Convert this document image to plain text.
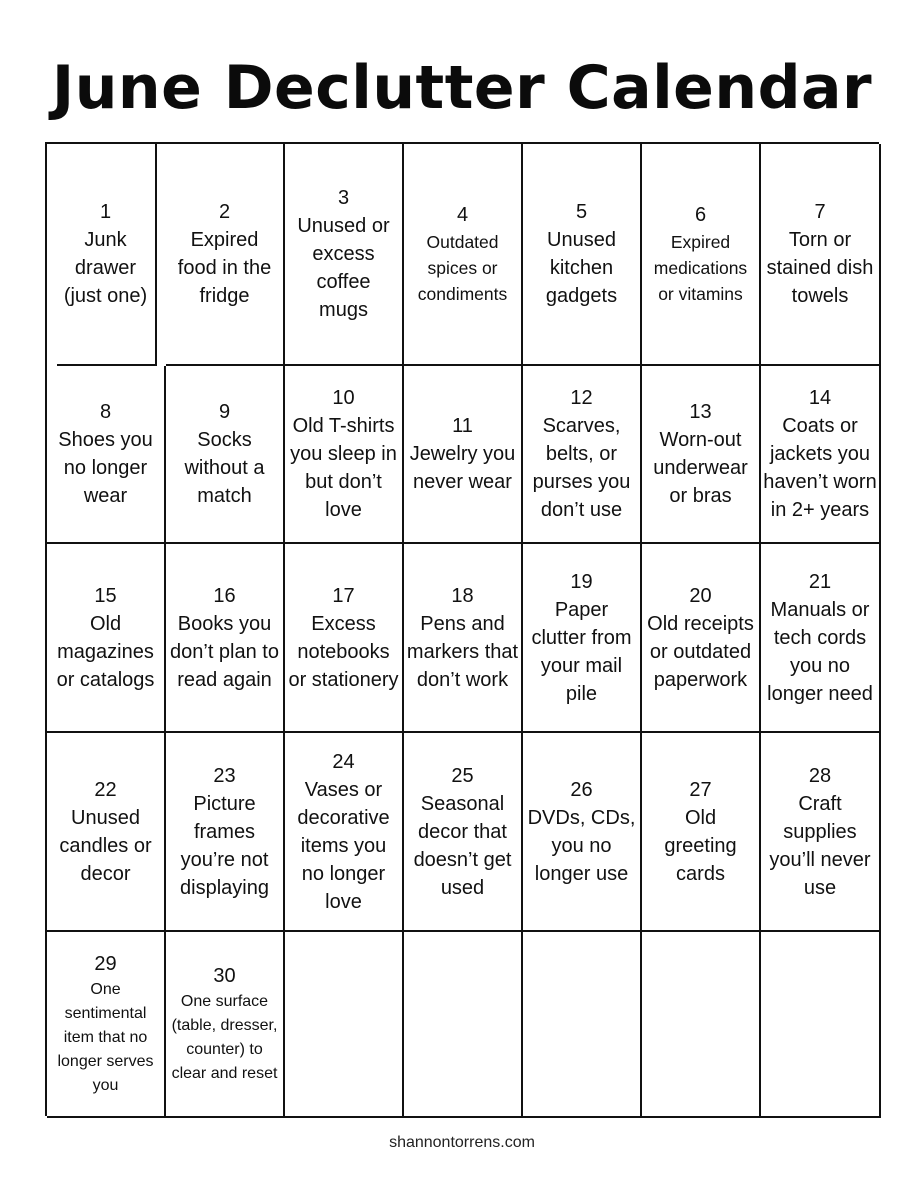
June Declutter Calendar
1
Junk drawer (just one)
2
Expired food in the fridge
3
Unused or excess coffee mugs
4
Outdated spices or condiments
5
Unused kitchen gadgets
6
Expired medications or vitamins
7
Torn or stained dish towels
8
Shoes you no longer wear
9
Socks without a match
10
Old T-shirts you sleep in but don’t love
11
Jewelry you never wear
12
Scarves, belts, or purses you don’t use
13
Worn-out underwear or bras
14
Coats or jackets you haven’t worn in 2+ years
15
Old magazines or catalogs
16
Books you don’t plan to read again
17
Excess notebooks or stationery
18
Pens and markers that don’t work
19
Paper clutter from your mail pile
20
Old receipts or outdated paperwork
21
Manuals or tech cords you no longer need
22
Unused candles or decor
23
Picture frames you’re not displaying
24
Vases or decorative items you no longer love
25
Seasonal decor that doesn’t get used
26
DVDs, CDs, you no longer use
27
Old greeting cards
28
Craft supplies you’ll never use
29
One sentimental item that no longer serves you
30
One surface (table, dresser, counter) to clear and reset
shannontorrens.com
